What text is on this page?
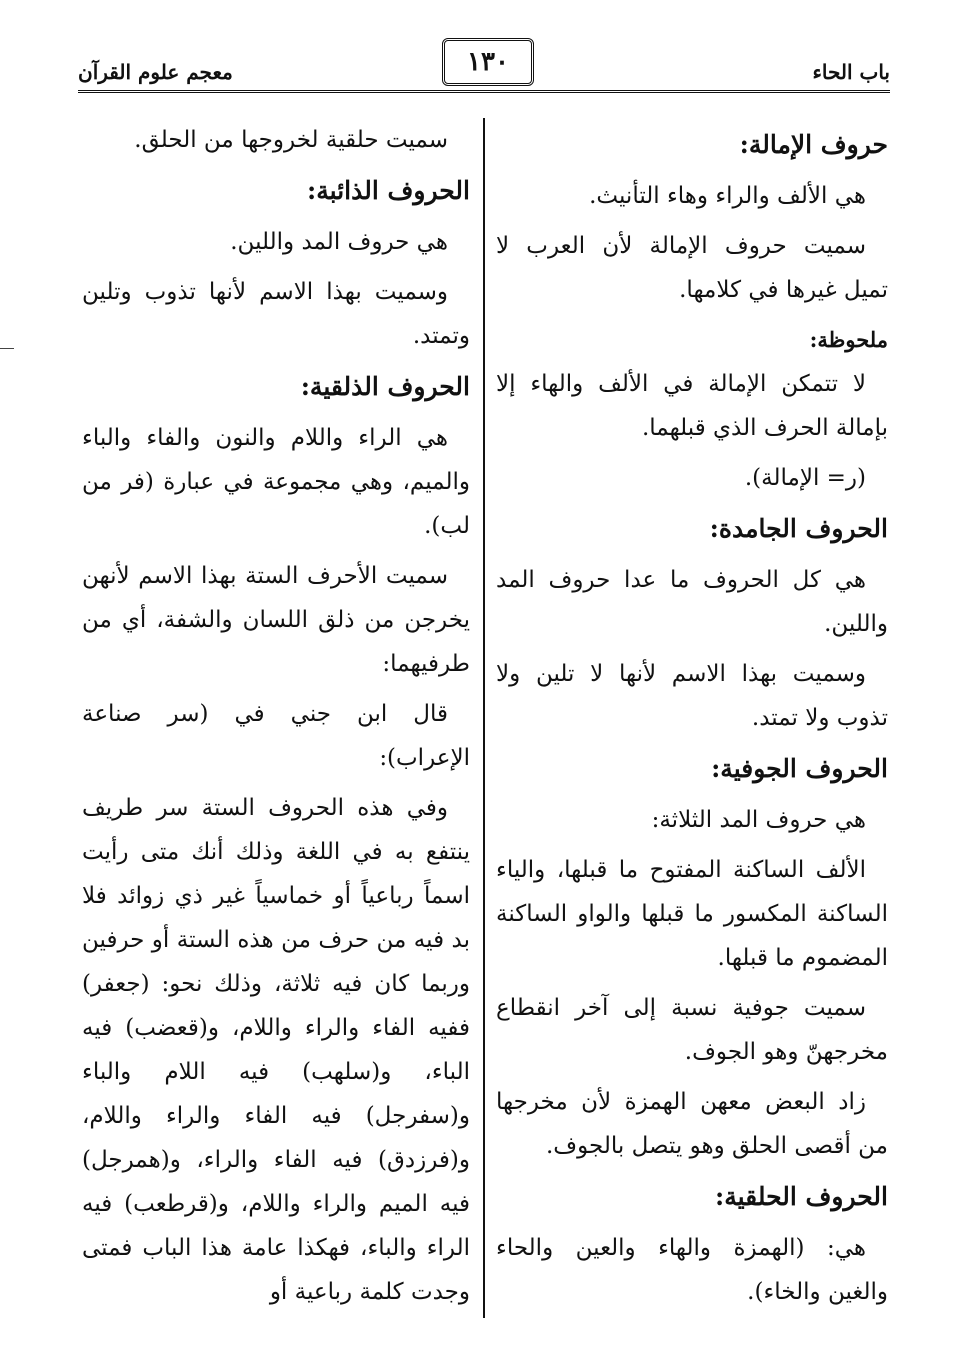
باب الحاء
١٣٠
معجم علوم القرآن
حروف الإمالة:

هي الألف والراء وهاء التأنيث.

سميت حروف الإمالة لأن العرب لا تميل غيرها في كلامها.

ملحوظة:

لا تتمكن الإمالة في الألف والهاء إلا بإمالة الحرف الذي قبلهما.

(ر= الإمالة).

الحروف الجامدة:

هي كل الحروف ما عدا حروف المد واللين.

وسميت بهذا الاسم لأنها لا تلين ولا تذوب ولا تمتد.

الحروف الجوفية:

هي حروف المد الثلاثة:

الألف الساكنة المفتوح ما قبلها، والياء الساكنة المكسور ما قبلها والواو الساكنة المضموم ما قبلها.

سميت جوفية نسبة إلى آخر انقطاع مخرجهنّ وهو الجوف.

زاد البعض معهن الهمزة لأن مخرجها من أقصى الحلق وهو يتصل بالجوف.

الحروف الحلقية:

هي: (الهمزة والهاء والعين والحاء والغين والخاء).

سميت حلقية لخروجها من الحلق.

الحروف الذائبة:

هي حروف المد واللين.

وسميت بهذا الاسم لأنها تذوب وتلين وتمتد.

الحروف الذلقية:

هي الراء واللام والنون والفاء والباء والميم، وهي مجموعة في عبارة (فر من لب).

سميت الأحرف الستة بهذا الاسم لأنهن يخرجن من ذلق اللسان والشفة، أي من طرفيهما:

قال ابن جني في (سر صناعة الإعراب):

وفي هذه الحروف الستة سر طريف ينتفع به في اللغة وذلك أنك متى رأيت اسماً رباعياً أو خماسياً غير ذي زوائد فلا بد فيه من حرف من هذه الستة أو حرفين وربما كان فيه ثلاثة، وذلك نحو: (جعفر) ففيه الفاء والراء واللام، و(قعضب) فيه الباء، و(سلهب) فيه اللام والباء و(سفرجل) فيه الفاء والراء واللام، و(فرزدق) فيه الفاء والراء، و(همرجل) فيه الميم والراء واللام، و(قرطعب) فيه الراء والباء، فهكذا عامة هذا الباب فمتى وجدت كلمة رباعية أو
